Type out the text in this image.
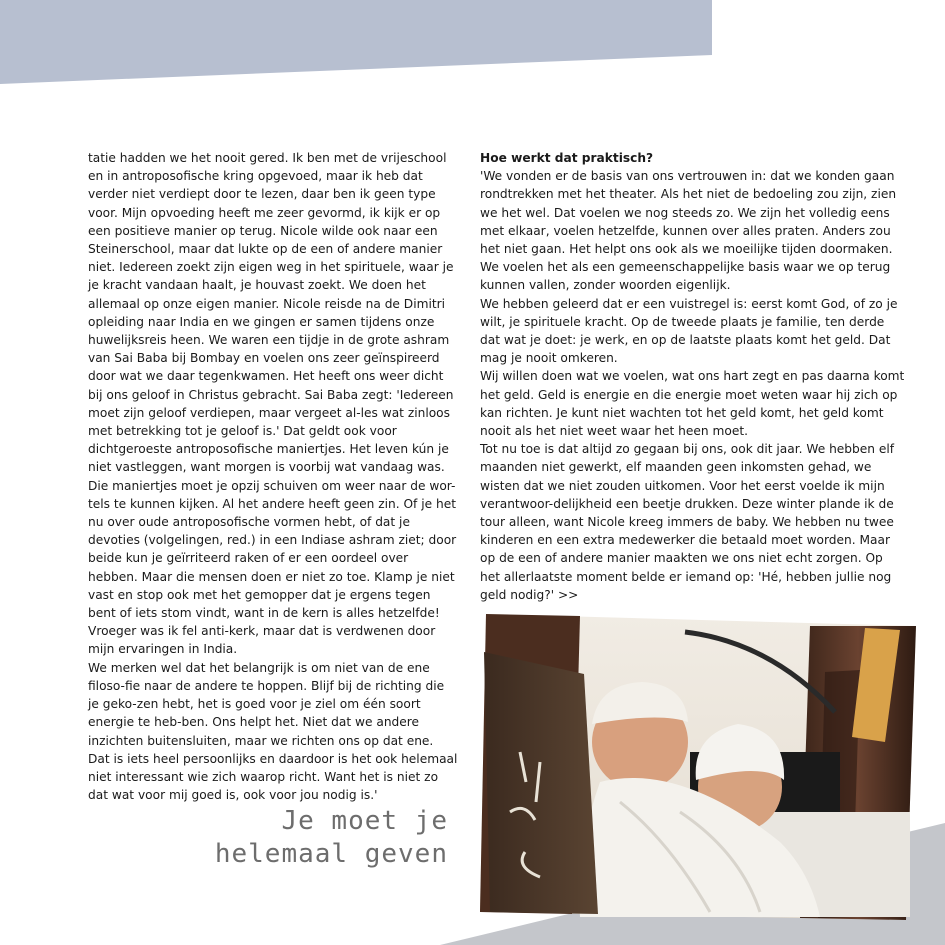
tatie hadden we het nooit gered. Ik ben met de vrijeschool en in antroposofische kring opgevoed, maar ik heb dat verder niet verdiept door te lezen, daar ben ik geen type voor. Mijn opvoeding heeft me zeer gevormd, ik kijk er op een positieve manier op terug. Nicole wilde ook naar een Steinerschool, maar dat lukte op de een of andere manier niet. Iedereen zoekt zijn eigen weg in het spirituele, waar je je kracht vandaan haalt, je houvast zoekt. We doen het allemaal op onze eigen manier. Nicole reisde na de Dimitri opleiding naar India en we gingen er samen tijdens onze huwelijksreis heen. We waren een tijdje in de grote ashram van Sai Baba bij Bombay en voelen ons zeer geïnspireerd door wat we daar tegenkwamen. Het heeft ons weer dicht bij ons geloof in Christus gebracht. Sai Baba zegt: 'Iedereen moet zijn geloof verdiepen, maar vergeet al-les wat zinloos met betrekking tot je geloof is.' Dat geldt ook voor dichtgeroeste antroposofische maniertjes. Het leven kún je niet vastleggen, want morgen is voorbij wat vandaag was. Die maniertjes moet je opzij schuiven om weer naar de wor-tels te kunnen kijken. Al het andere heeft geen zin. Of je het nu over oude antroposofische vormen hebt, of dat je devoties (volgelingen, red.) in een Indiase ashram ziet; door beide kun je geïrriteerd raken of er een oordeel over hebben. Maar die mensen doen er niet zo toe. Klamp je niet vast en stop ook met het gemopper dat je ergens tegen bent of iets stom vindt, want in de kern is alles hetzelfde! Vroeger was ik fel anti-kerk, maar dat is verdwenen door mijn ervaringen in India.

We merken wel dat het belangrijk is om niet van de ene filoso-fie naar de andere te hoppen. Blijf bij de richting die je geko-zen hebt, het is goed voor je ziel om één soort energie te heb-ben. Ons helpt het. Niet dat we andere inzichten buitensluiten, maar we richten ons op dat ene. Dat is iets heel persoonlijks en daardoor is het ook helemaal niet interessant wie zich waarop richt. Want het is niet zo dat wat voor mij goed is, ook voor jou nodig is.'

Hoe werkt dat praktisch?

'We vonden er de basis van ons vertrouwen in: dat we konden gaan rondtrekken met het theater. Als het niet de bedoeling zou zijn, zien we het wel. Dat voelen we nog steeds zo. We zijn het volledig eens met elkaar, voelen hetzelfde, kunnen over alles praten. Anders zou het niet gaan. Het helpt ons ook als we moeilijke tijden doormaken. We voelen het als een gemeenschappelijke basis waar we op terug kunnen vallen, zonder woorden eigenlijk.

We hebben geleerd dat er een vuistregel is: eerst komt God, of zo je wilt, je spirituele kracht. Op de tweede plaats je familie, ten derde dat wat je doet: je werk, en op de laatste plaats komt het geld. Dat mag je nooit omkeren.

Wij willen doen wat we voelen, wat ons hart zegt en pas daarna komt het geld. Geld is energie en die energie moet weten waar hij zich op kan richten. Je kunt niet wachten tot het geld komt, het geld komt nooit als het niet weet waar het heen moet.

Tot nu toe is dat altijd zo gegaan bij ons, ook dit jaar. We hebben elf maanden niet gewerkt, elf maanden geen inkomsten gehad, we wisten dat we niet zouden uitkomen. Voor het eerst voelde ik mijn verantwoor-delijkheid een beetje drukken. Deze winter plande ik de tour alleen, want Nicole kreeg immers de baby. We hebben nu twee kinderen en een extra medewerker die betaald moet worden. Maar op de een of andere manier maakten we ons niet echt zorgen. Op het allerlaatste moment belde er iemand op: 'Hé, hebben jullie nog geld nodig?' >>

Je moet je
helemaal geven
